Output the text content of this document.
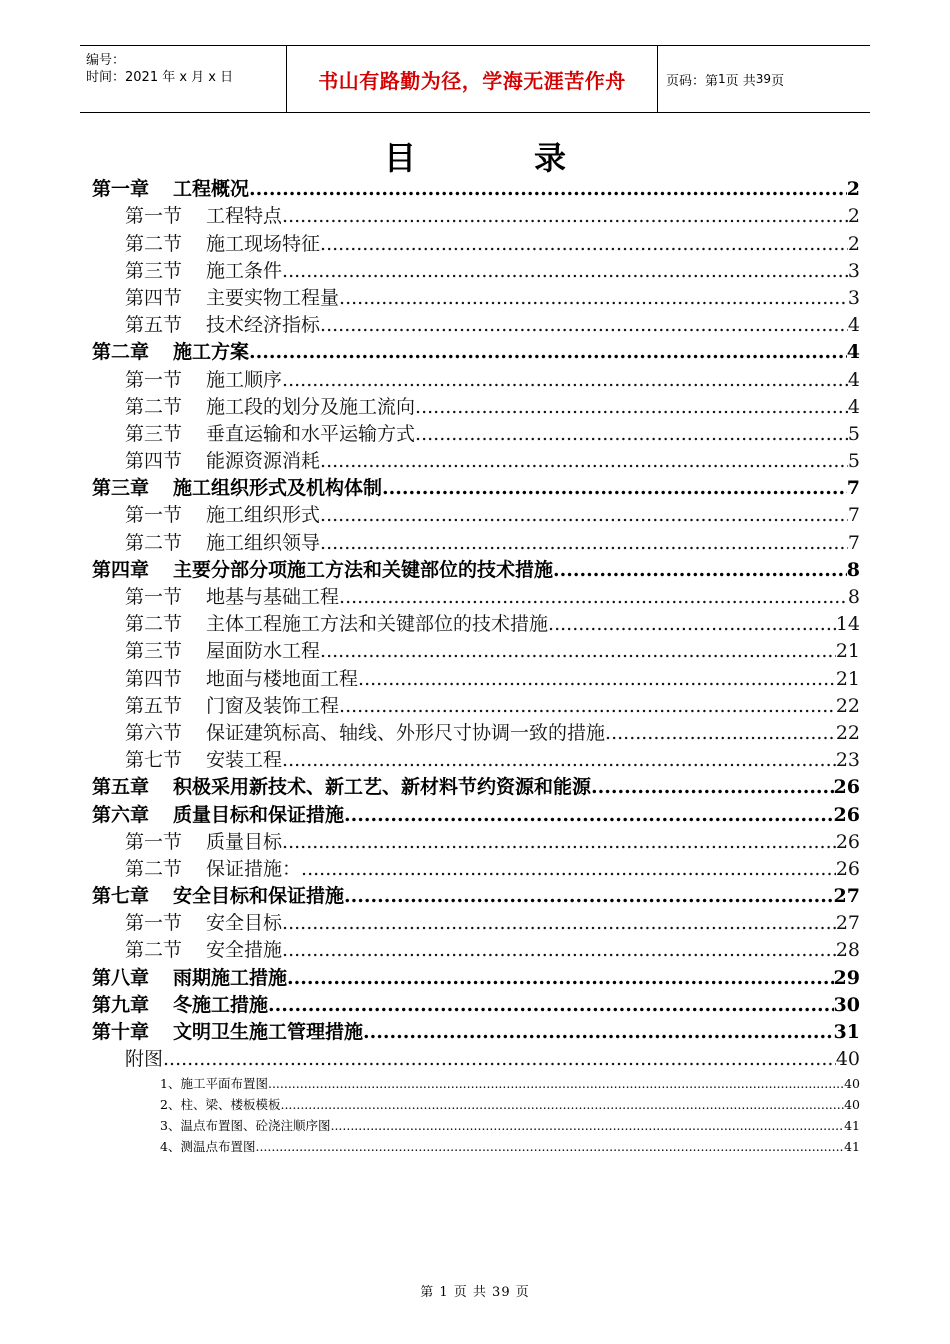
编号：
时间：2021 年 x 月 x 日	书山有路勤为径，学海无涯苦作舟	页码：第 1 页 共 39 页
目录
第一章 工程概况 .....	2
第一节 工程特点 .....	2
第二节 施工现场特征 .....	2
第三节 施工条件 .....	3
第四节 主要实物工程量 .....	3
第五节 技术经济指标 .....	4
第二章 施工方案 .....	4
第一节 施工顺序 .....	4
第二节 施工段的划分及施工流向 .....	4
第三节 垂直运输和水平运输方式 .....	5
第四节 能源资源消耗 .....	5
第三章 施工组织形式及机构体制 .....	7
第一节 施工组织形式 .....	7
第二节 施工组织领导 .....	7
第四章 主要分部分项施工方法和关键部位的技术措施 .....	8
第一节 地基与基础工程 .....	8
第二节 主体工程施工方法和关键部位的技术措施 .....	14
第三节 屋面防水工程 .....	21
第四节 地面与楼地面工程 .....	21
第五节 门窗及装饰工程 .....	22
第六节 保证建筑标高、轴线、外形尺寸协调一致的措施 .....	22
第七节 安装工程 .....	23
第五章 积极采用新技术、新工艺、新材料节约资源和能源 .....	26
第六章 质量目标和保证措施 .....	26
第一节 质量目标 .....	26
第二节 保证措施： .....	26
第七章 安全目标和保证措施 .....	27
第一节 安全目标 .....	27
第二节 安全措施 .....	28
第八章 雨期施工措施 .....	29
第九章 冬施工措施 .....	30
第十章 文明卫生施工管理措施 .....	31
附图 .....	40
1、施工平面布置图 .....	40
2、柱、梁、楼板模板 .....	40
3、温点布置图、砼浇注顺序图 .....	41
4、测温点布置图 .....	41
第 1 页 共 39 页
